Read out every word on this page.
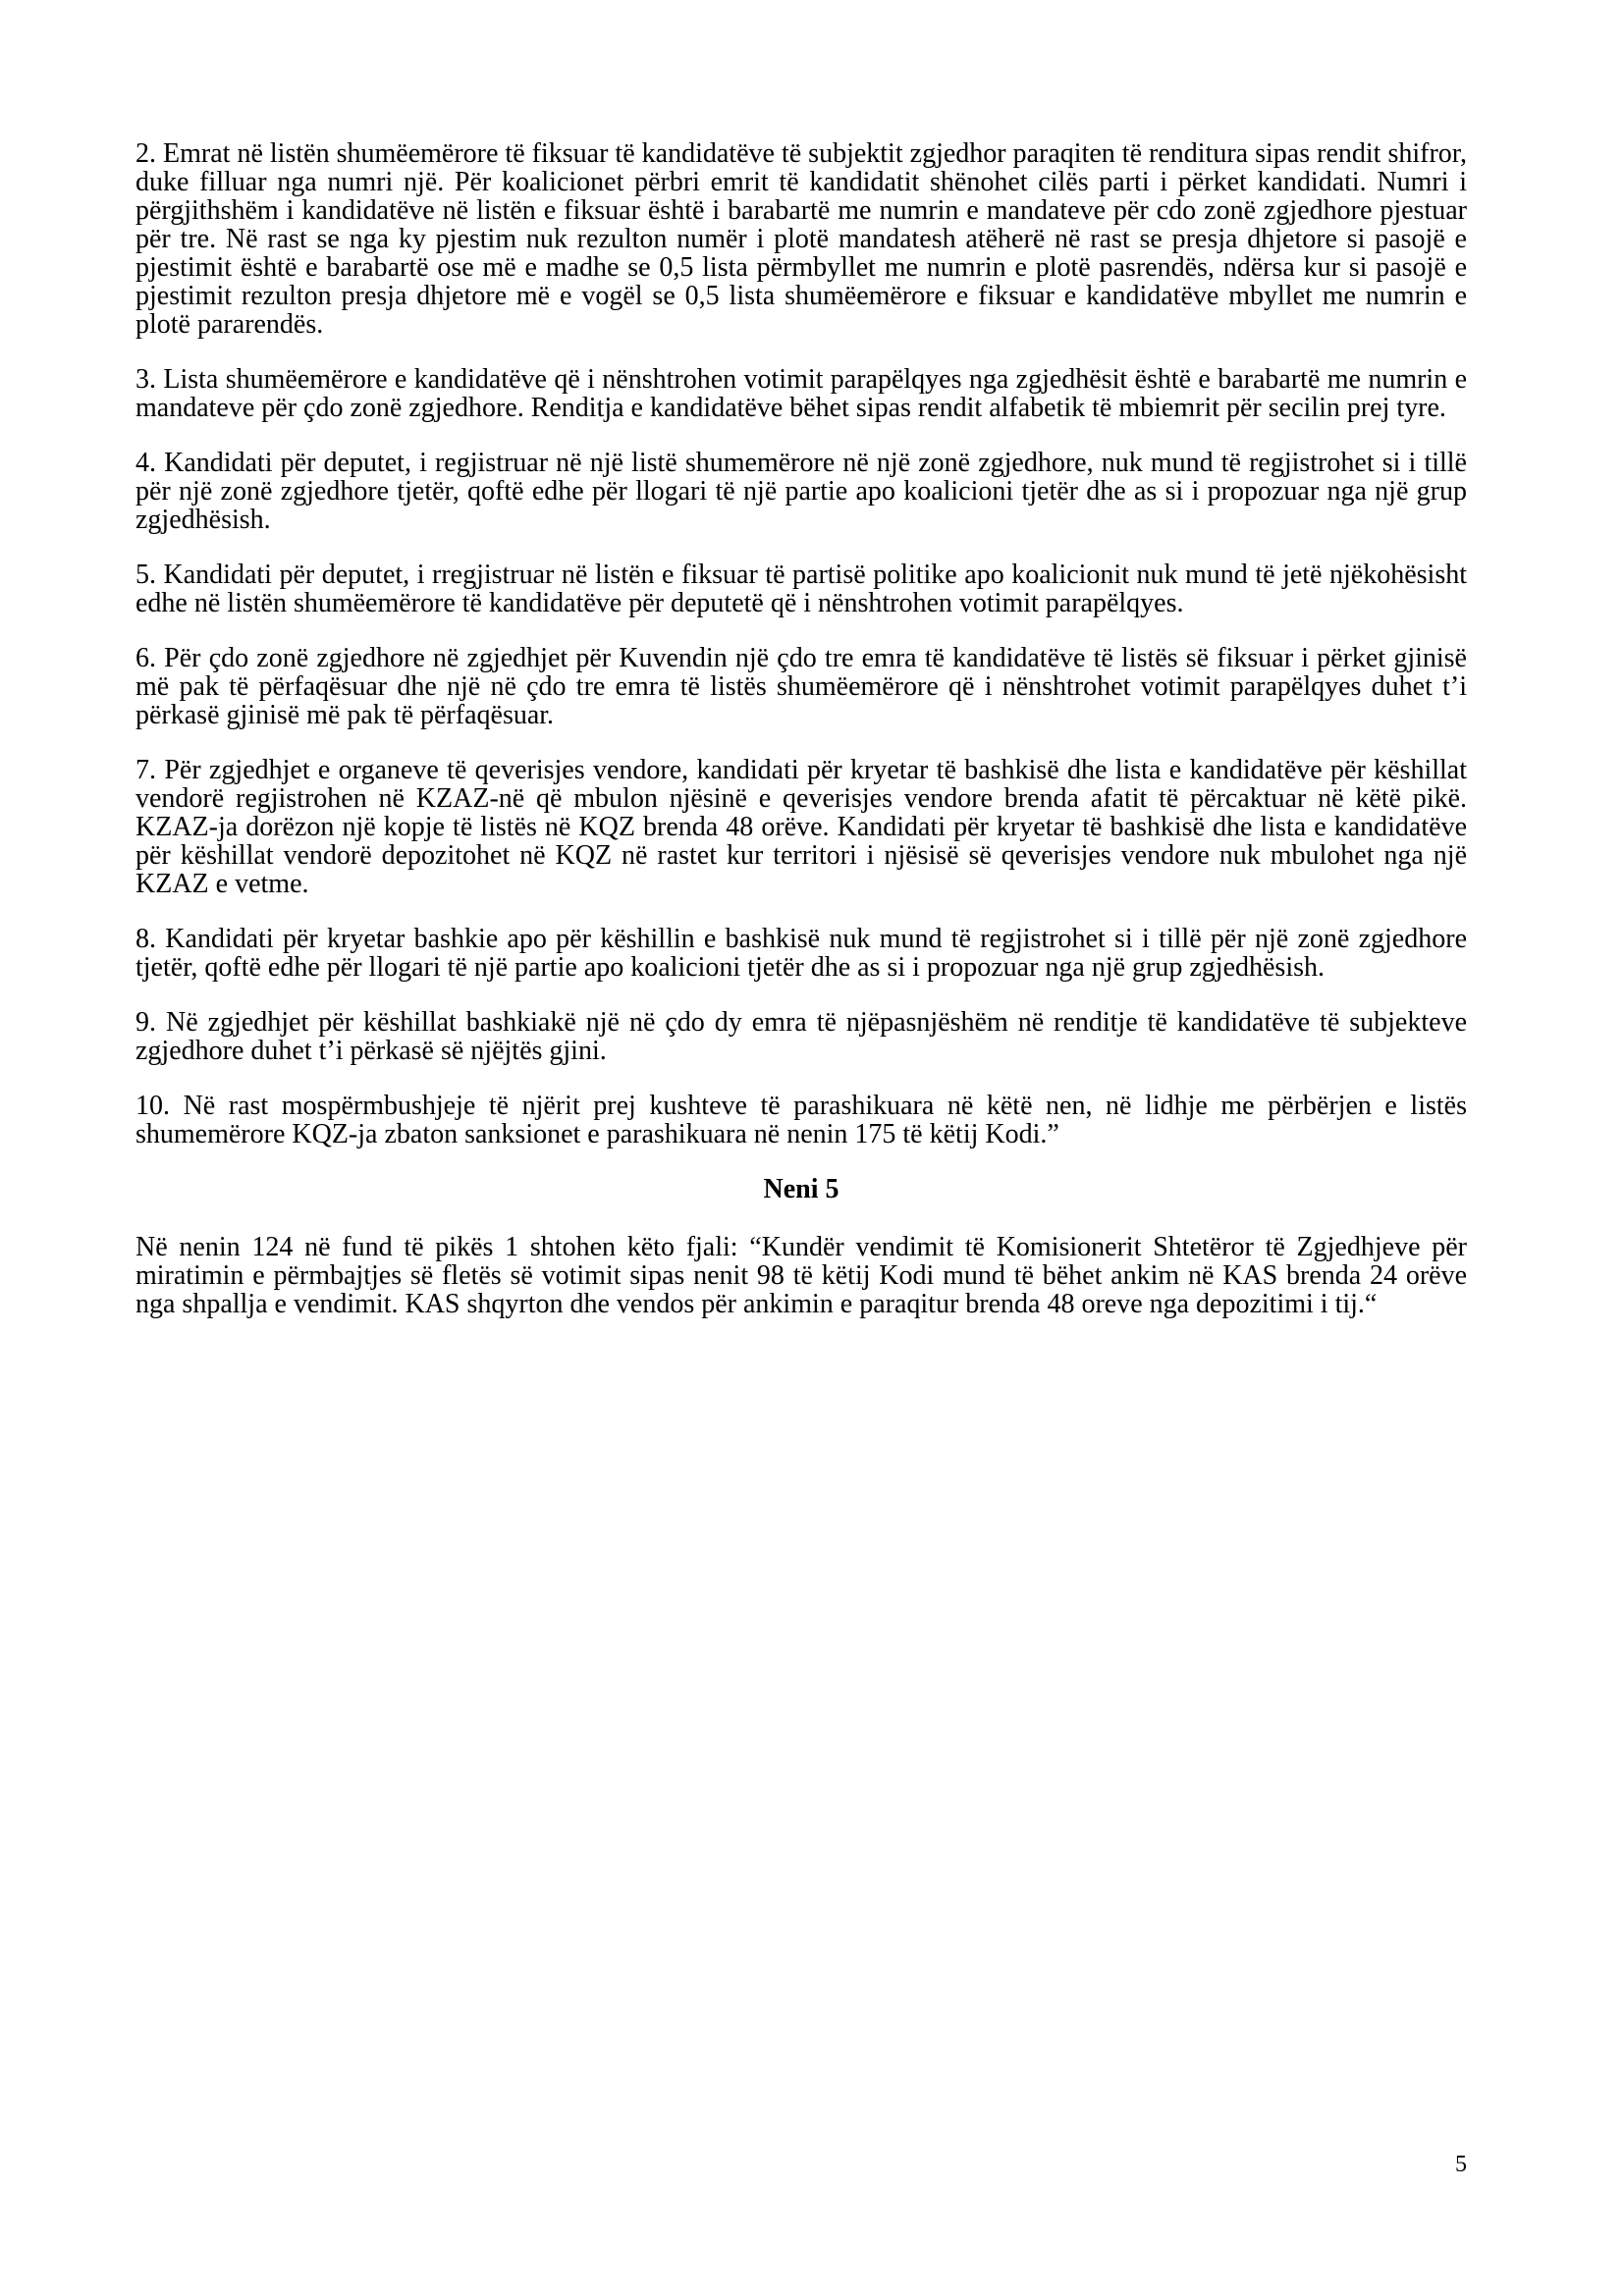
2. Emrat në listën shumëemërore të fiksuar të kandidatëve të subjektit zgjedhor paraqiten të renditura sipas rendit shifror, duke filluar nga numri një. Për koalicionet përbri emrit të kandidatit shënohet cilës parti i përket kandidati. Numri i përgjithshëm i kandidatëve në listën e fiksuar është i barabartë me numrin e mandateve për cdo zonë zgjedhore pjestuar për tre. Në rast se nga ky pjestim nuk rezulton numër i plotë mandatesh atëherë në rast se presja dhjetore si pasojë e pjestimit është e barabartë ose më e madhe se 0,5 lista përmbyllet me numrin e plotë pasrendës, ndërsa kur si pasojë e pjestimit rezulton presja dhjetore më e vogël se 0,5 lista shumëemërore e fiksuar e kandidatëve mbyllet me numrin e plotë pararendës.

3. Lista shumëemërore e kandidatëve që i nënshtrohen votimit parapëlqyes nga zgjedhësit është e barabartë me numrin e mandateve për çdo zonë zgjedhore. Renditja e kandidatëve bëhet sipas rendit alfabetik të mbiemrit për secilin prej tyre.

4. Kandidati për deputet, i regjistruar në një listë shumemërore në një zonë zgjedhore, nuk mund të regjistrohet si i tillë për një zonë zgjedhore tjetër, qoftë edhe për llogari të një partie apo koalicioni tjetër dhe as si i propozuar nga një grup zgjedhësish.

5. Kandidati për deputet, i rregjistruar në listën e fiksuar të partisë politike apo koalicionit nuk mund të jetë njëkohësisht edhe në listën shumëemërore të kandidatëve për deputetë që i nënshtrohen votimit parapëlqyes.

6. Për çdo zonë zgjedhore në zgjedhjet për Kuvendin një çdo tre emra të kandidatëve të listës së fiksuar i përket gjinisë më pak të përfaqësuar dhe një në çdo tre emra të listës shumëemërore që i nënshtrohet votimit parapëlqyes duhet t’i përkasë gjinisë më pak të përfaqësuar.

7. Për zgjedhjet e organeve të qeverisjes vendore, kandidati për kryetar të bashkisë dhe lista e kandidatëve për këshillat vendorë regjistrohen në KZAZ-në që mbulon njësinë e qeverisjes vendore brenda afatit të përcaktuar në këtë pikë. KZAZ-ja dorëzon një kopje të listës në KQZ brenda 48 orëve. Kandidati për kryetar të bashkisë dhe lista e kandidatëve për këshillat vendorë depozitohet në KQZ në rastet kur territori i njësisë së qeverisjes vendore nuk mbulohet nga një KZAZ e vetme.

8. Kandidati për kryetar bashkie apo për këshillin e bashkisë nuk mund të regjistrohet si i tillë për një zonë zgjedhore tjetër, qoftë edhe për llogari të një partie apo koalicioni tjetër dhe as si i propozuar nga një grup zgjedhësish.

9. Në zgjedhjet për këshillat bashkiakë një në çdo dy emra të njëpasnjëshëm në renditje të kandidatëve të subjekteve zgjedhore duhet t’i përkasë së njëjtës gjini.

10. Në rast mospërmbushjeje të njërit prej kushteve të parashikuara në këtë nen, në lidhje me përbërjen e listës shumemërore KQZ-ja zbaton sanksionet e parashikuara në nenin 175 të këtij Kodi.”

Neni 5

Në nenin 124 në fund të pikës 1 shtohen këto fjali: “Kundër vendimit të Komisionerit Shtetëror të Zgjedhjeve për miratimin e përmbajtjes së fletës së votimit sipas nenit 98 të këtij Kodi mund të bëhet ankim në KAS brenda 24 orëve nga shpallja e vendimit. KAS shqyrton dhe vendos për ankimin e paraqitur brenda 48 oreve nga depozitimi i tij.“

5
